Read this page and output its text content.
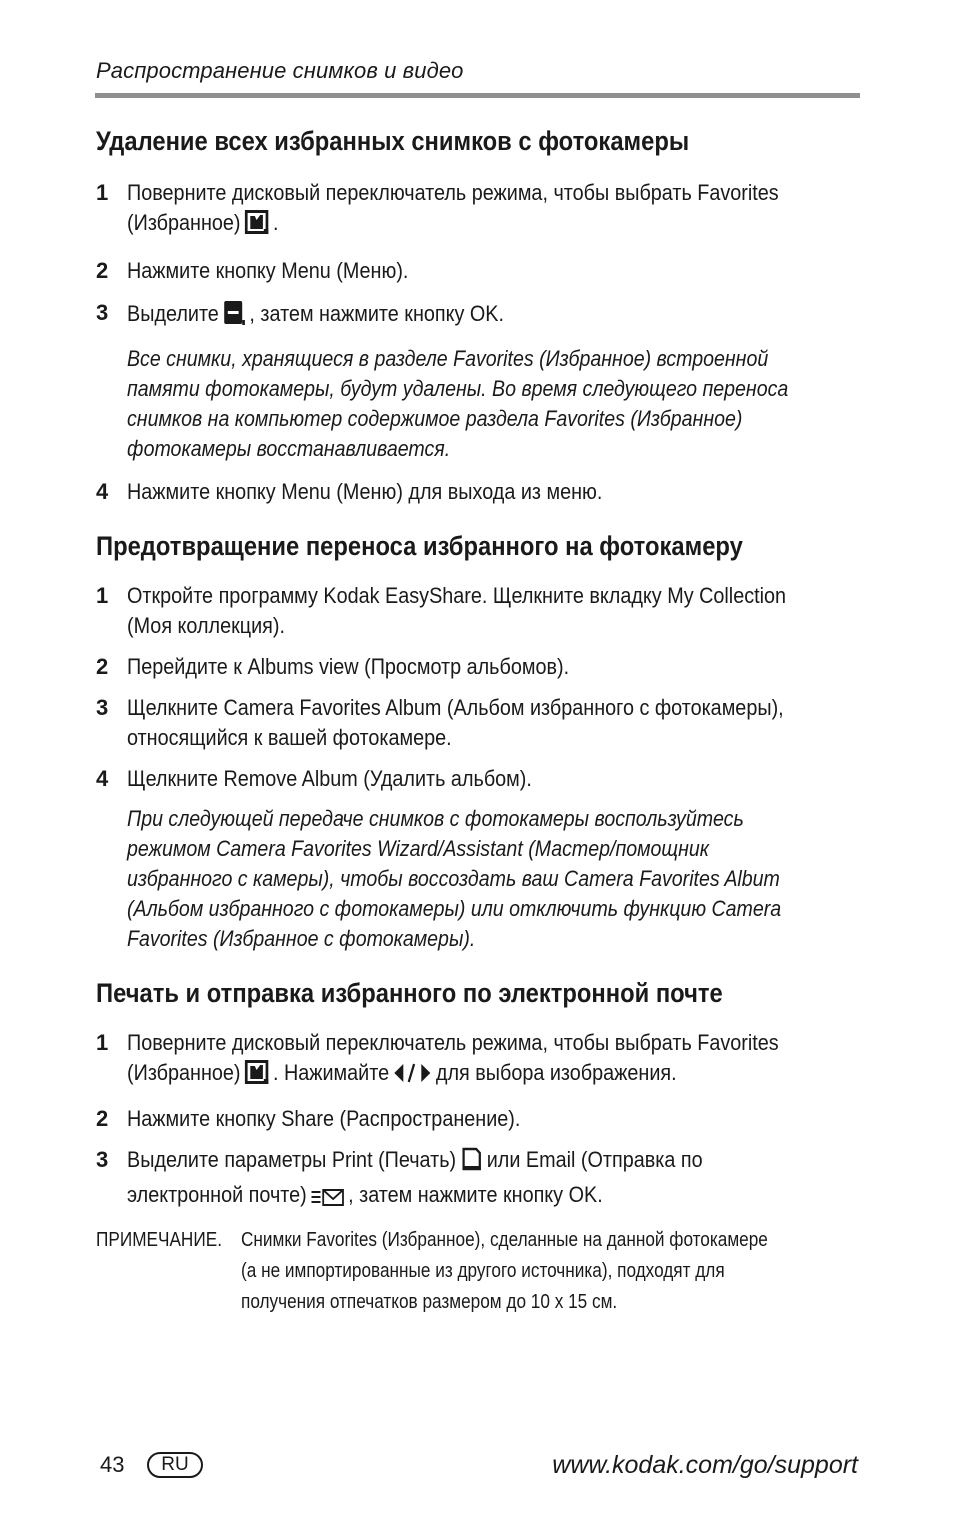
Распространение снимков и видео
Удаление всех избранных снимков с фотокамеры
1 Поверните дисковый переключатель режима, чтобы выбрать Favorites
(Избранное) .
2 Нажмите кнопку Menu (Меню).
3 Выделите , затем нажмите кнопку OK.
Все снимки, хранящиеся в разделе Favorites (Избранное) встроенной
памяти фотокамеры, будут удалены. Во время следующего переноса
снимков на компьютер содержимое раздела Favorites (Избранное)
фотокамеры восстанавливается.
4 Нажмите кнопку Menu (Меню) для выхода из меню.
Предотвращение переноса избранного на фотокамеру
1 Откройте программу Kodak EasyShare. Щелкните вкладку My Collection
(Моя коллекция).
2 Перейдите к Albums view (Просмотр альбомов).
3 Щелкните Camera Favorites Album (Альбом избранного с фотокамеры),
относящийся к вашей фотокамере.
4 Щелкните Remove Album (Удалить альбом).
При следующей передаче снимков с фотокамеры воспользуйтесь
режимом Camera Favorites Wizard/Assistant (Мастер/помощник
избранного с камеры), чтобы воссоздать ваш Camera Favorites Album
(Альбом избранного с фотокамеры) или отключить функцию Camera
Favorites (Избранное с фотокамеры).
Печать и отправка избранного по электронной почте
1 Поверните дисковый переключатель режима, чтобы выбрать Favorites
(Избранное) . Нажимайте для выбора изображения.
2 Нажмите кнопку Share (Распространение).
3 Выделите параметры Print (Печать) или Email (Отправка по
электронной почте) , затем нажмите кнопку OK.
ПРИМЕЧАНИЕ. Снимки Favorites (Избранное), сделанные на данной фотокамере
(а не импортированные из другого источника), подходят для
получения отпечатков размером до 10 x 15 см.
43	RU	www.kodak.com/go/support
